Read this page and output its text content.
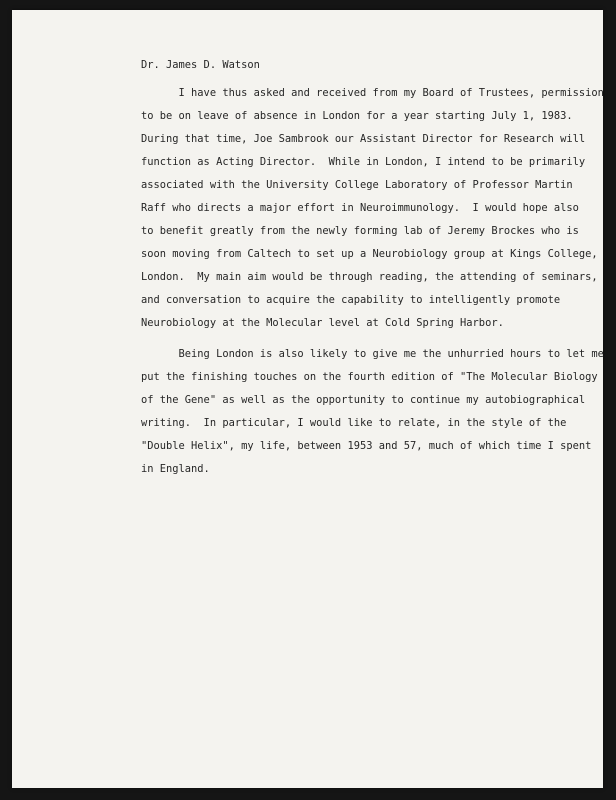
Dr. James D. Watson
I have thus asked and received from my Board of Trustees, permission
to be on leave of absence in London for a year starting July 1, 1983.
During that time, Joe Sambrook our Assistant Director for Research will
function as Acting Director.  While in London, I intend to be primarily
associated with the University College Laboratory of Professor Martin
Raff who directs a major effort in Neuroimmunology.  I would hope also
to benefit greatly from the newly forming lab of Jeremy Brockes who is
soon moving from Caltech to set up a Neurobiology group at Kings College,
London.  My main aim would be through reading, the attending of seminars,
and conversation to acquire the capability to intelligently promote
Neurobiology at the Molecular level at Cold Spring Harbor.
Being London is also likely to give me the unhurried hours to let me
put the finishing touches on the fourth edition of "The Molecular Biology
of the Gene" as well as the opportunity to continue my autobiographical
writing.  In particular, I would like to relate, in the style of the
"Double Helix", my life, between 1953 and 57, much of which time I spent
in England.
